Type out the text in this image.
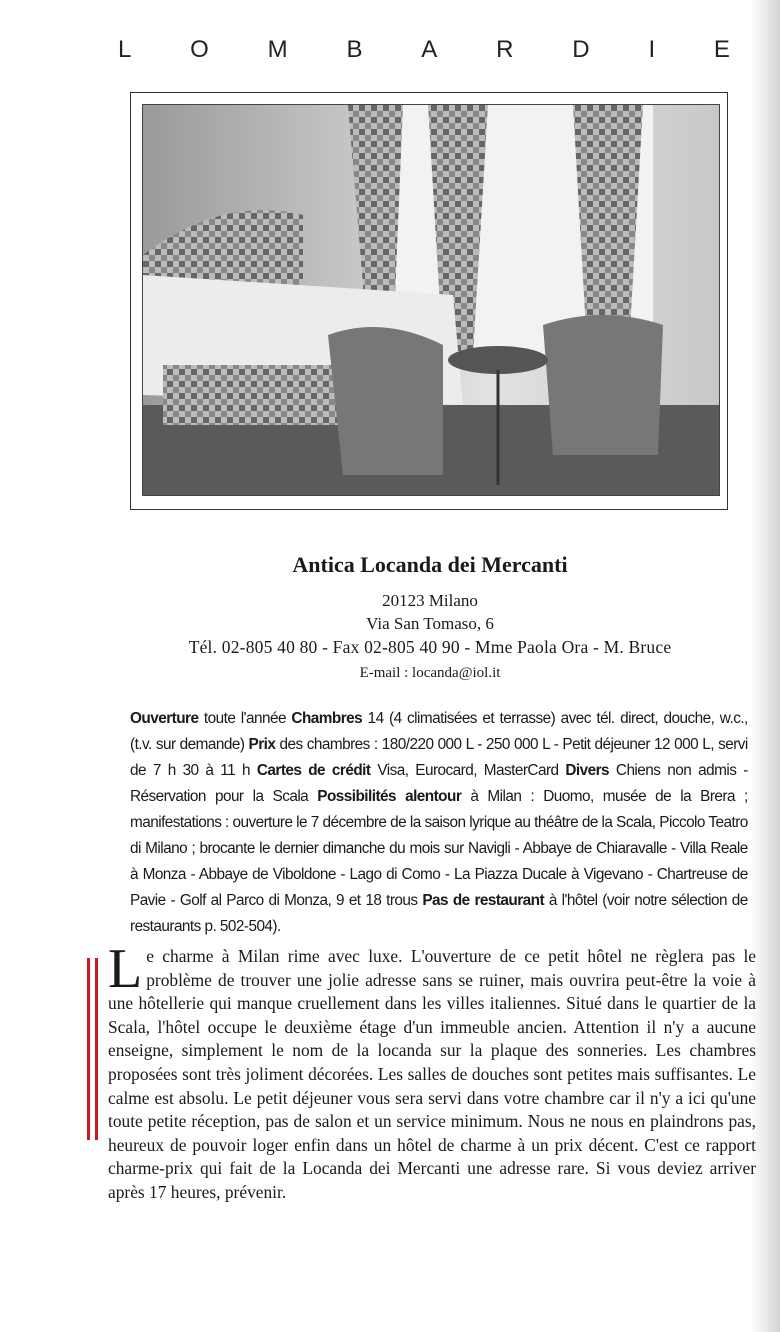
L O M B A R D I E
Antica Locanda dei Mercanti
20123 Milano
Via San Tomaso, 6
Tél. 02-805 40 80 - Fax 02-805 40 90 - Mme Paola Ora - M. Bruce
E-mail : locanda@iol.it
Ouverture toute l'année Chambres 14 (4 climatisées et terrasse) avec tél. direct, douche, w.c., (t.v. sur demande) Prix des chambres : 180/220 000 L - 250 000 L - Petit déjeuner 12 000 L, servi de 7 h 30 à 11 h Cartes de crédit Visa, Eurocard, MasterCard Divers Chiens non admis - Réservation pour la Scala Possibilités alentour à Milan : Duomo, musée de la Brera ; manifestations : ouverture le 7 décembre de la saison lyrique au théâtre de la Scala, Piccolo Teatro di Milano ; brocante le dernier dimanche du mois sur Navigli - Abbaye de Chiaravalle - Villa Reale à Monza - Abbaye de Viboldone - Lago di Como - La Piazza Ducale à Vigevano - Chartreuse de Pavie - Golf al Parco di Monza, 9 et 18 trous Pas de restaurant à l'hôtel (voir notre sélection de restaurants p. 502-504).
Le charme à Milan rime avec luxe. L'ouverture de ce petit hôtel ne règlera pas le problème de trouver une jolie adresse sans se ruiner, mais ouvrira peut-être la voie à une hôtellerie qui manque cruellement dans les villes italiennes. Situé dans le quartier de la Scala, l'hôtel occupe le deuxième étage d'un immeuble ancien. Attention il n'y a aucune enseigne, simplement le nom de la locanda sur la plaque des sonneries. Les chambres proposées sont très joliment décorées. Les salles de douches sont petites mais suffisantes. Le calme est absolu. Le petit déjeuner vous sera servi dans votre chambre car il n'y a ici qu'une toute petite réception, pas de salon et un service minimum. Nous ne nous en plaindrons pas, heureux de pouvoir loger enfin dans un hôtel de charme à un prix décent. C'est ce rapport charme-prix qui fait de la Locanda dei Mercanti une adresse rare. Si vous deviez arriver après 17 heures, prévenir.
